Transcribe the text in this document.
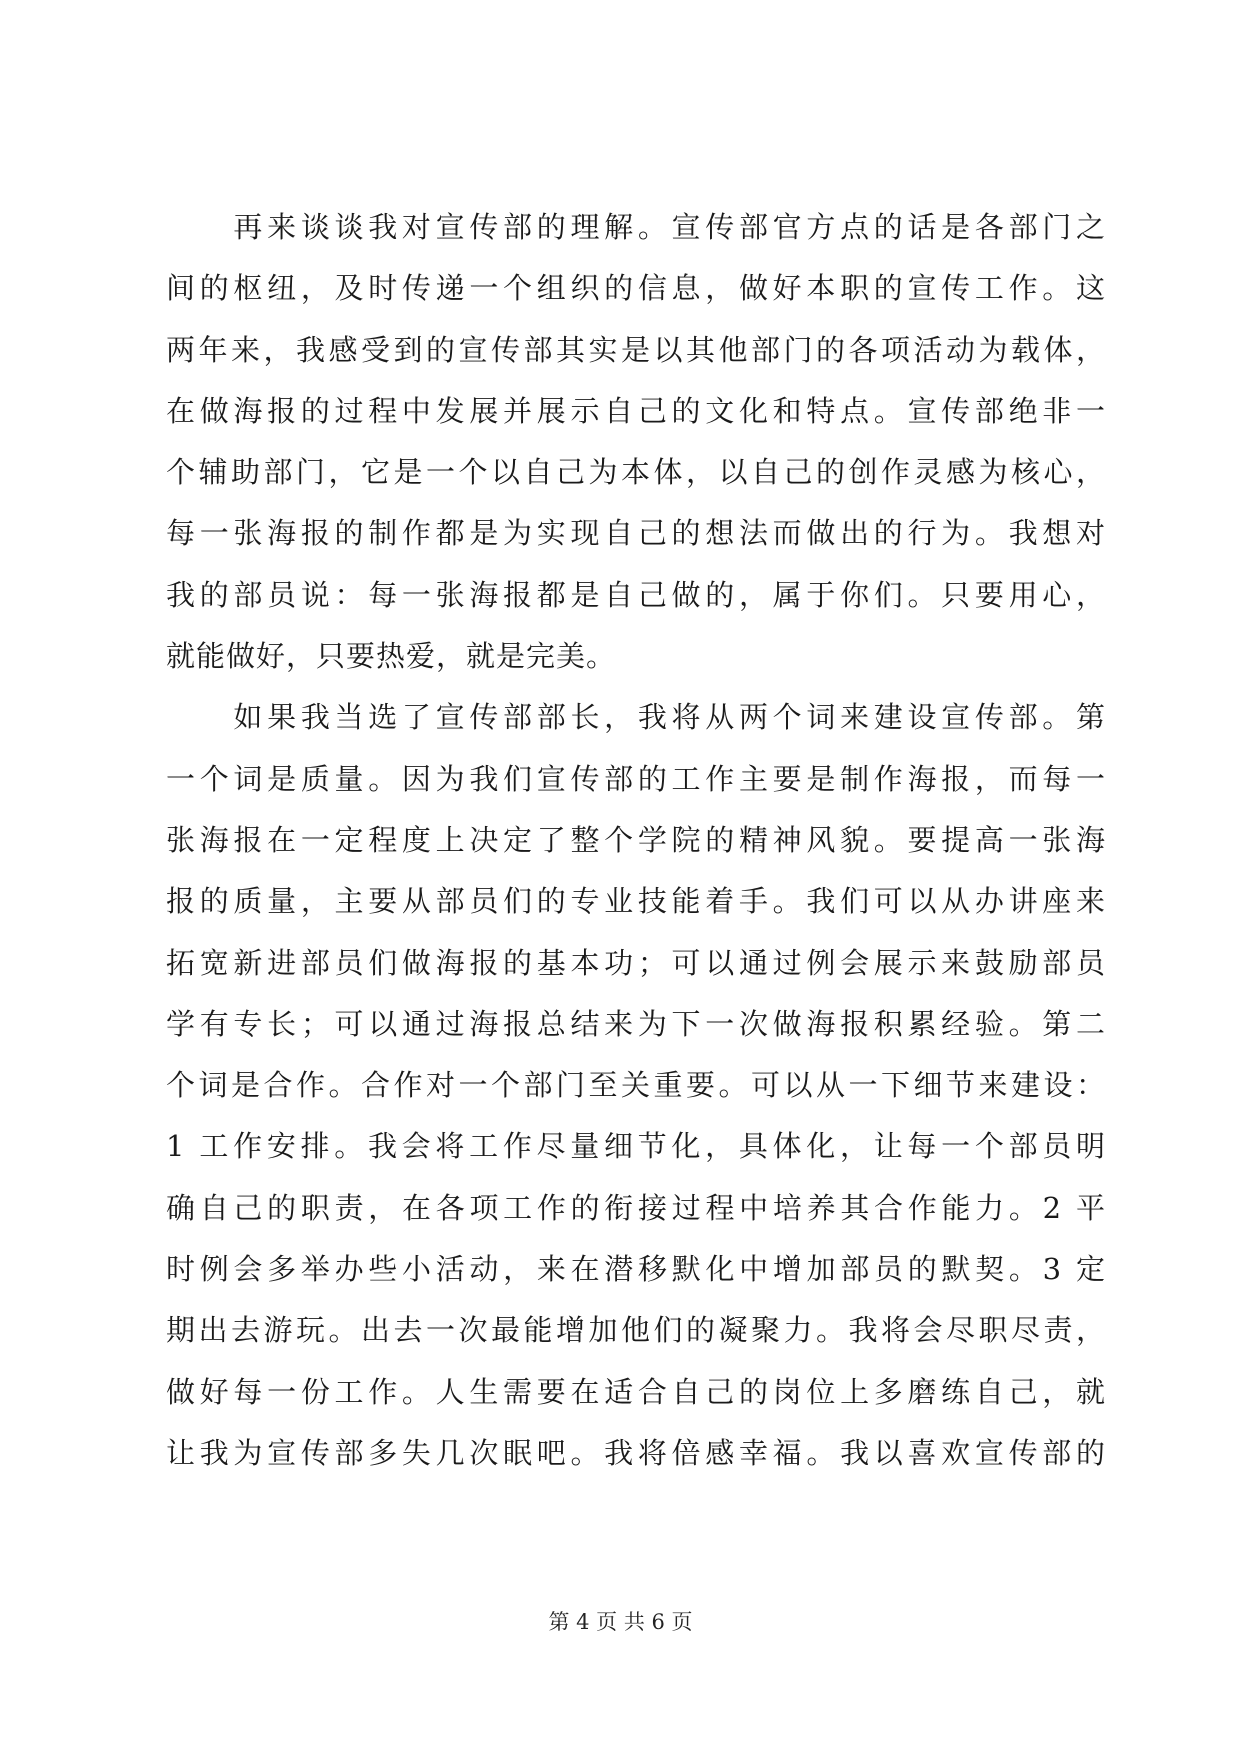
　　再来谈谈我对宣传部的理解。宣传部官方点的话是各部门之
间的枢纽，及时传递一个组织的信息，做好本职的宣传工作。这
两年来，我感受到的宣传部其实是以其他部门的各项活动为载体，
在做海报的过程中发展并展示自己的文化和特点。宣传部绝非一
个辅助部门，它是一个以自己为本体，以自己的创作灵感为核心，
每一张海报的制作都是为实现自己的想法而做出的行为。我想对
我的部员说：每一张海报都是自己做的，属于你们。只要用心，
就能做好，只要热爱，就是完美。
　　如果我当选了宣传部部长，我将从两个词来建设宣传部。第
一个词是质量。因为我们宣传部的工作主要是制作海报，而每一
张海报在一定程度上决定了整个学院的精神风貌。要提高一张海
报的质量，主要从部员们的专业技能着手。我们可以从办讲座来
拓宽新进部员们做海报的基本功；可以通过例会展示来鼓励部员
学有专长；可以通过海报总结来为下一次做海报积累经验。第二
个词是合作。合作对一个部门至关重要。可以从一下细节来建设：
1 工作安排。我会将工作尽量细节化，具体化，让每一个部员明
确自己的职责，在各项工作的衔接过程中培养其合作能力。2 平
时例会多举办些小活动，来在潜移默化中增加部员的默契。3 定
期出去游玩。出去一次最能增加他们的凝聚力。我将会尽职尽责，
做好每一份工作。人生需要在适合自己的岗位上多磨练自己，就
让我为宣传部多失几次眠吧。我将倍感幸福。我以喜欢宣传部的
第 4 页 共 6 页
